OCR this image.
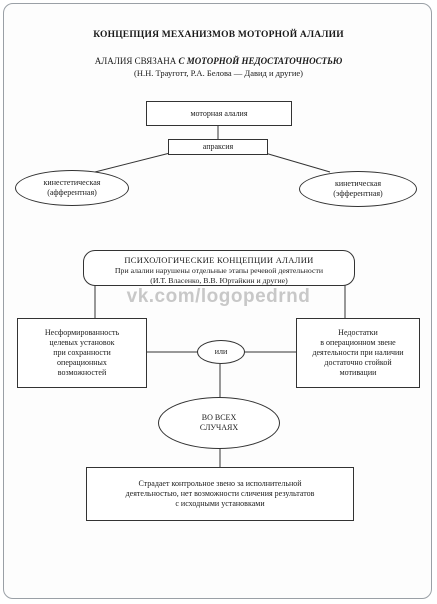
КОНЦЕПЦИЯ МЕХАНИЗМОВ МОТОРНОЙ АЛАЛИИ
АЛАЛИЯ СВЯЗАНА С МОТОРНОЙ НЕДОСТАТОЧНОСТЬЮ
(Н.Н. Трауготт, Р.А. Белова — Давид и другие)
моторная алалия
апраксия
кинестетическая
(афферентная)
кинетическая
(эфферентная)
ПСИХОЛОГИЧЕСКИЕ КОНЦЕПЦИИ АЛАЛИИ
При алалии нарушены отдельные этапы речевой деятельности
(И.Т. Власенко, В.В. Юртайкин и другие)
vk.com/logopedrnd
Несформированность
целевых установок
при сохранности
операционных
возможностей
или
Недостатки
в операционном звене
деятельности при наличии
достаточно стойкой
мотивации
ВО ВСЕХ
СЛУЧАЯХ
Страдает контрольное звено за исполнительной
деятельностью, нет возможности сличения результатов
с исходными установками
